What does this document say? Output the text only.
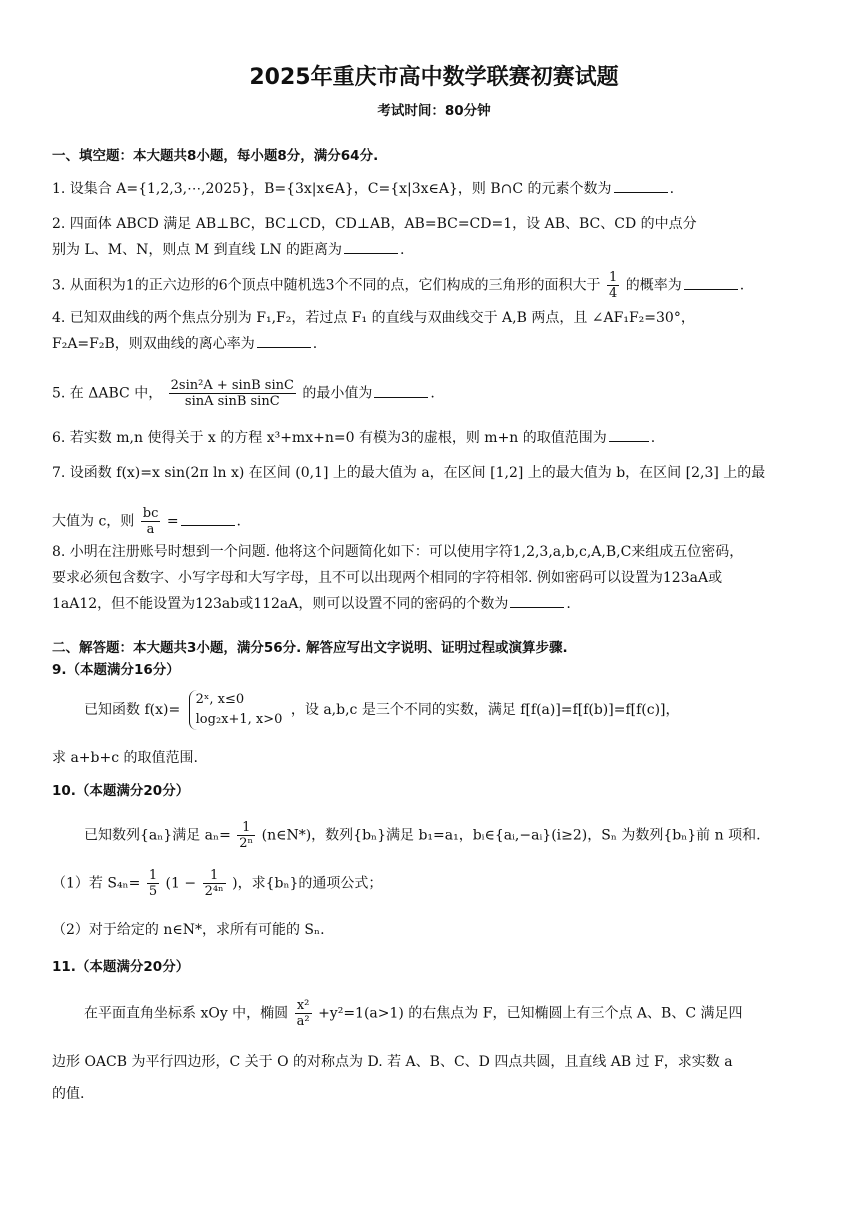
2025年重庆市高中数学联赛初赛试题
考试时间：80分钟
一、填空题：本大题共8小题，每小题8分，满分64分.
1. 设集合 A={1,2,3,⋯,2025}，B={3x|x∈A}，C={x|3x∈A}，则 B∩C 的元素个数为	.
2. 四面体 ABCD 满足 AB⊥BC，BC⊥CD，CD⊥AB，AB=BC=CD=1，设 AB、BC、CD 的中点分
别为 L、M、N，则点 M 到直线 LN 的距离为	.
3. 从面积为1的正六边形的6个顶点中随机选3个不同的点，它们构成的三角形的面积大于 $\frac{1}{4}$ 的概率为	.
4. 已知双曲线的两个焦点分别为 F₁,F₂，若过点 F₁ 的直线与双曲线交于 A,B 两点，且 ∠AF₁F₂=30°，
F₂A=F₂B，则双曲线的离心率为	.
5. 在 ΔABC 中， $\frac{\text{2sin²A + sinB sinC}}{\text{sinA sinB sinC}}$ 的最小值为	.
6. 若实数 m,n 使得关于 x 的方程 x³+mx+n=0 有模为3的虚根，则 m+n 的取值范围为	.
7. 设函数 f(x)=x sin(2π ln x) 在区间 (0,1] 上的最大值为 a，在区间 [1,2] 上的最大值为 b，在区间 [2,3] 上的最
大值为 c，则 $\frac{bc}{a}$ =	.
8. 小明在注册账号时想到一个问题. 他将这个问题简化如下：可以使用字符1,2,3,a,b,c,A,B,C来组成五位密码，
要求必须包含数字、小写字母和大写字母，且不可以出现两个相同的字符相邻. 例如密码可以设置为123aA或
1aA12，但不能设置为123ab或112aA，则可以设置不同的密码的个数为	.
二、解答题：本大题共3小题，满分56分. 解答应写出文字说明、证明过程或演算步骤.
9.（本题满分16分）
已知函数 f(x)=
2ˣ, x≤0
log₂x+1, x>0
，设 a,b,c 是三个不同的实数，满足 f[f(a)]=f[f(b)]=f[f(c)]，
求 a+b+c 的取值范围.
10.（本题满分20分）
已知数列{aₙ}满足 $a_n= \frac{1}{\text{2ⁿ}}$ (n∈N*)，数列{bₙ}满足 b₁=a₁，bᵢ∈{aᵢ,−aᵢ}(i≥2)，Sₙ 为数列{bₙ}前 n 项和.
（1）若 $S_{4n}= \frac{1}{5} (1 - \frac{1}{\text{2⁴ⁿ}}$ )，求{bₙ}的通项公式；
（2）对于给定的 n∈N*，求所有可能的 Sₙ.
11.（本题满分20分）
在平面直角坐标系 xOy 中，椭圆 $\frac{\text{x²}}{\text{a²}} +y^2=1(a>1)$ 的右焦点为 F，已知椭圆上有三个点 A、B、C 满足四
边形 OACB 为平行四边形，C 关于 O 的对称点为 D. 若 A、B、C、D 四点共圆，且直线 AB 过 F，求实数 a
的值.
